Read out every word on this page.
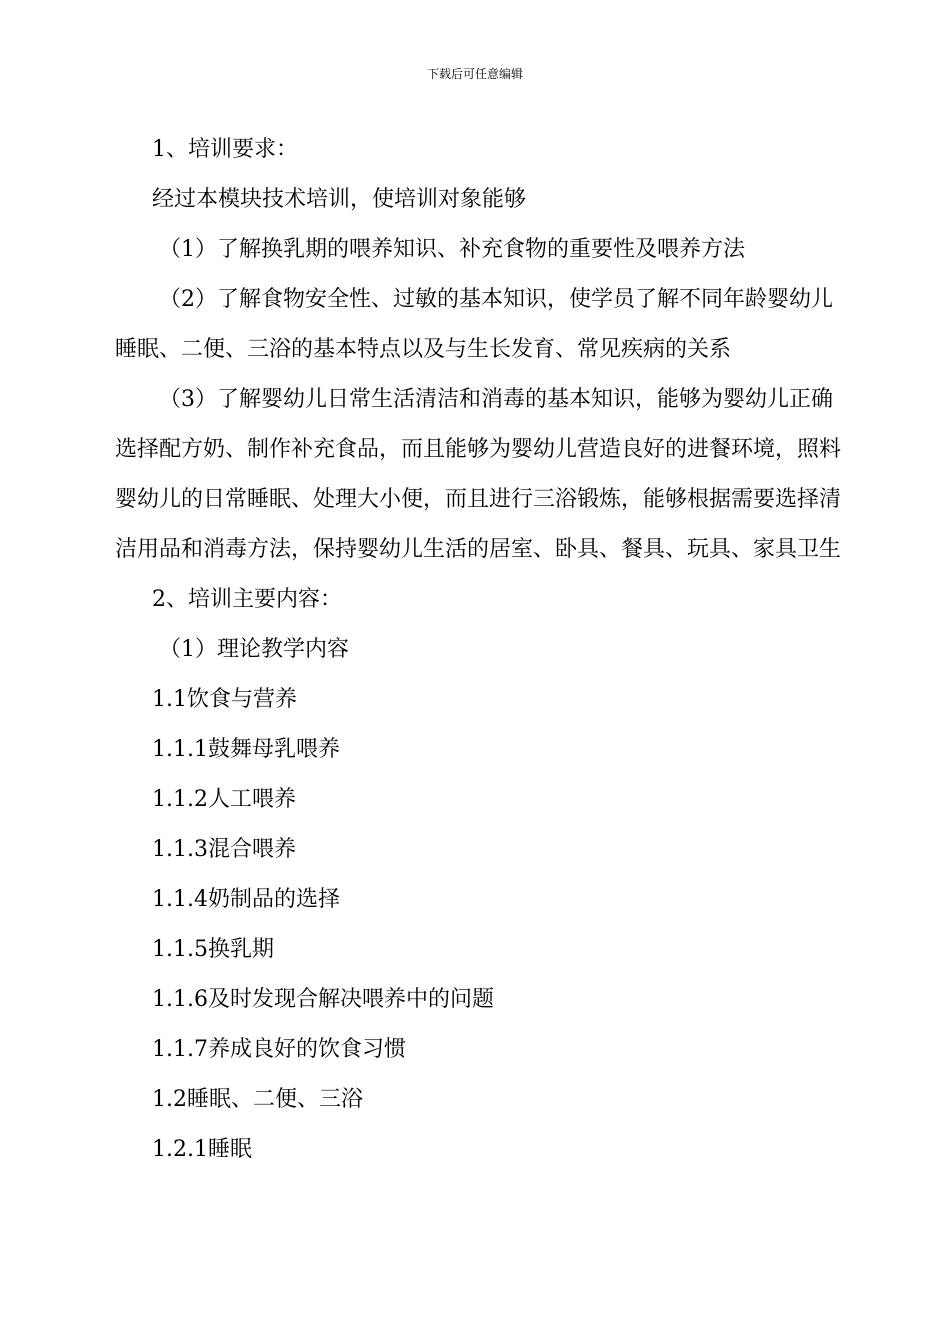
下载后可任意编辑

1、培训要求：

经过本模块技术培训，使培训对象能够

（1）了解换乳期的喂养知识、补充食物的重要性及喂养方法

（2）了解食物安全性、过敏的基本知识，使学员了解不同年龄婴幼儿睡眠、二便、三浴的基本特点以及与生长发育、常见疾病的关系

（3）了解婴幼儿日常生活清洁和消毒的基本知识，能够为婴幼儿正确选择配方奶、制作补充食品，而且能够为婴幼儿营造良好的进餐环境，照料婴幼儿的日常睡眠、处理大小便，而且进行三浴锻炼，能够根据需要选择清洁用品和消毒方法，保持婴幼儿生活的居室、卧具、餐具、玩具、家具卫生

2、培训主要内容：

（1）理论教学内容

1.1饮食与营养

1.1.1鼓舞母乳喂养

1.1.2人工喂养

1.1.3混合喂养

1.1.4奶制品的选择

1.1.5换乳期

1.1.6及时发现合解决喂养中的问题

1.1.7养成良好的饮食习惯

1.2睡眠、二便、三浴

1.2.1睡眠
